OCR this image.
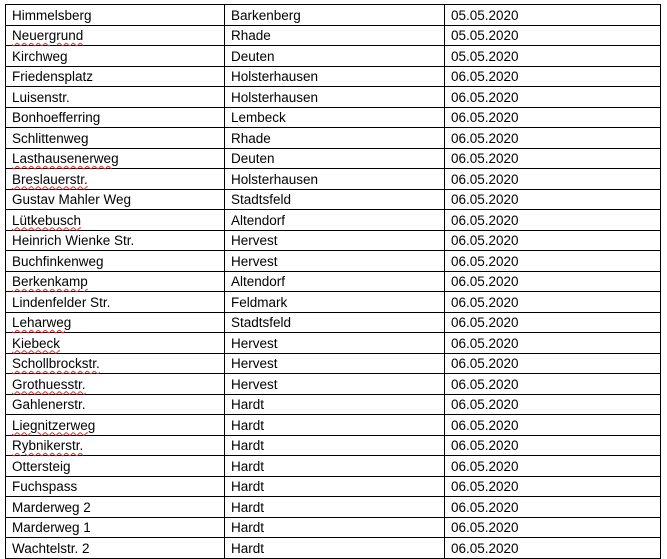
Himmelsberg	Barkenberg	05.05.2020
Neuergrund	Rhade	05.05.2020
Kirchweg	Deuten	05.05.2020
Friedensplatz	Holsterhausen	06.05.2020
Luisenstr.	Holsterhausen	06.05.2020
Bonhoefferring	Lembeck	06.05.2020
Schlittenweg	Rhade	06.05.2020
Lasthausenerweg	Deuten	06.05.2020
Breslauerstr.	Holsterhausen	06.05.2020
Gustav Mahler Weg	Stadtsfeld	06.05.2020
Lütkebusch	Altendorf	06.05.2020
Heinrich Wienke Str.	Hervest	06.05.2020
Buchfinkenweg	Hervest	06.05.2020
Berkenkamp	Altendorf	06.05.2020
Lindenfelder Str.	Feldmark	06.05.2020
Leharweg	Stadtsfeld	06.05.2020
Kiebeck	Hervest	06.05.2020
Schollbrockstr.	Hervest	06.05.2020
Grothuesstr.	Hervest	06.05.2020
Gahlenerstr.	Hardt	06.05.2020
Liegnitzerweg	Hardt	06.05.2020
Rybnikerstr.	Hardt	06.05.2020
Ottersteig	Hardt	06.05.2020
Fuchspass	Hardt	06.05.2020
Marderweg 2	Hardt	06.05.2020
Marderweg 1	Hardt	06.05.2020
Wachtelstr. 2	Hardt	06.05.2020
